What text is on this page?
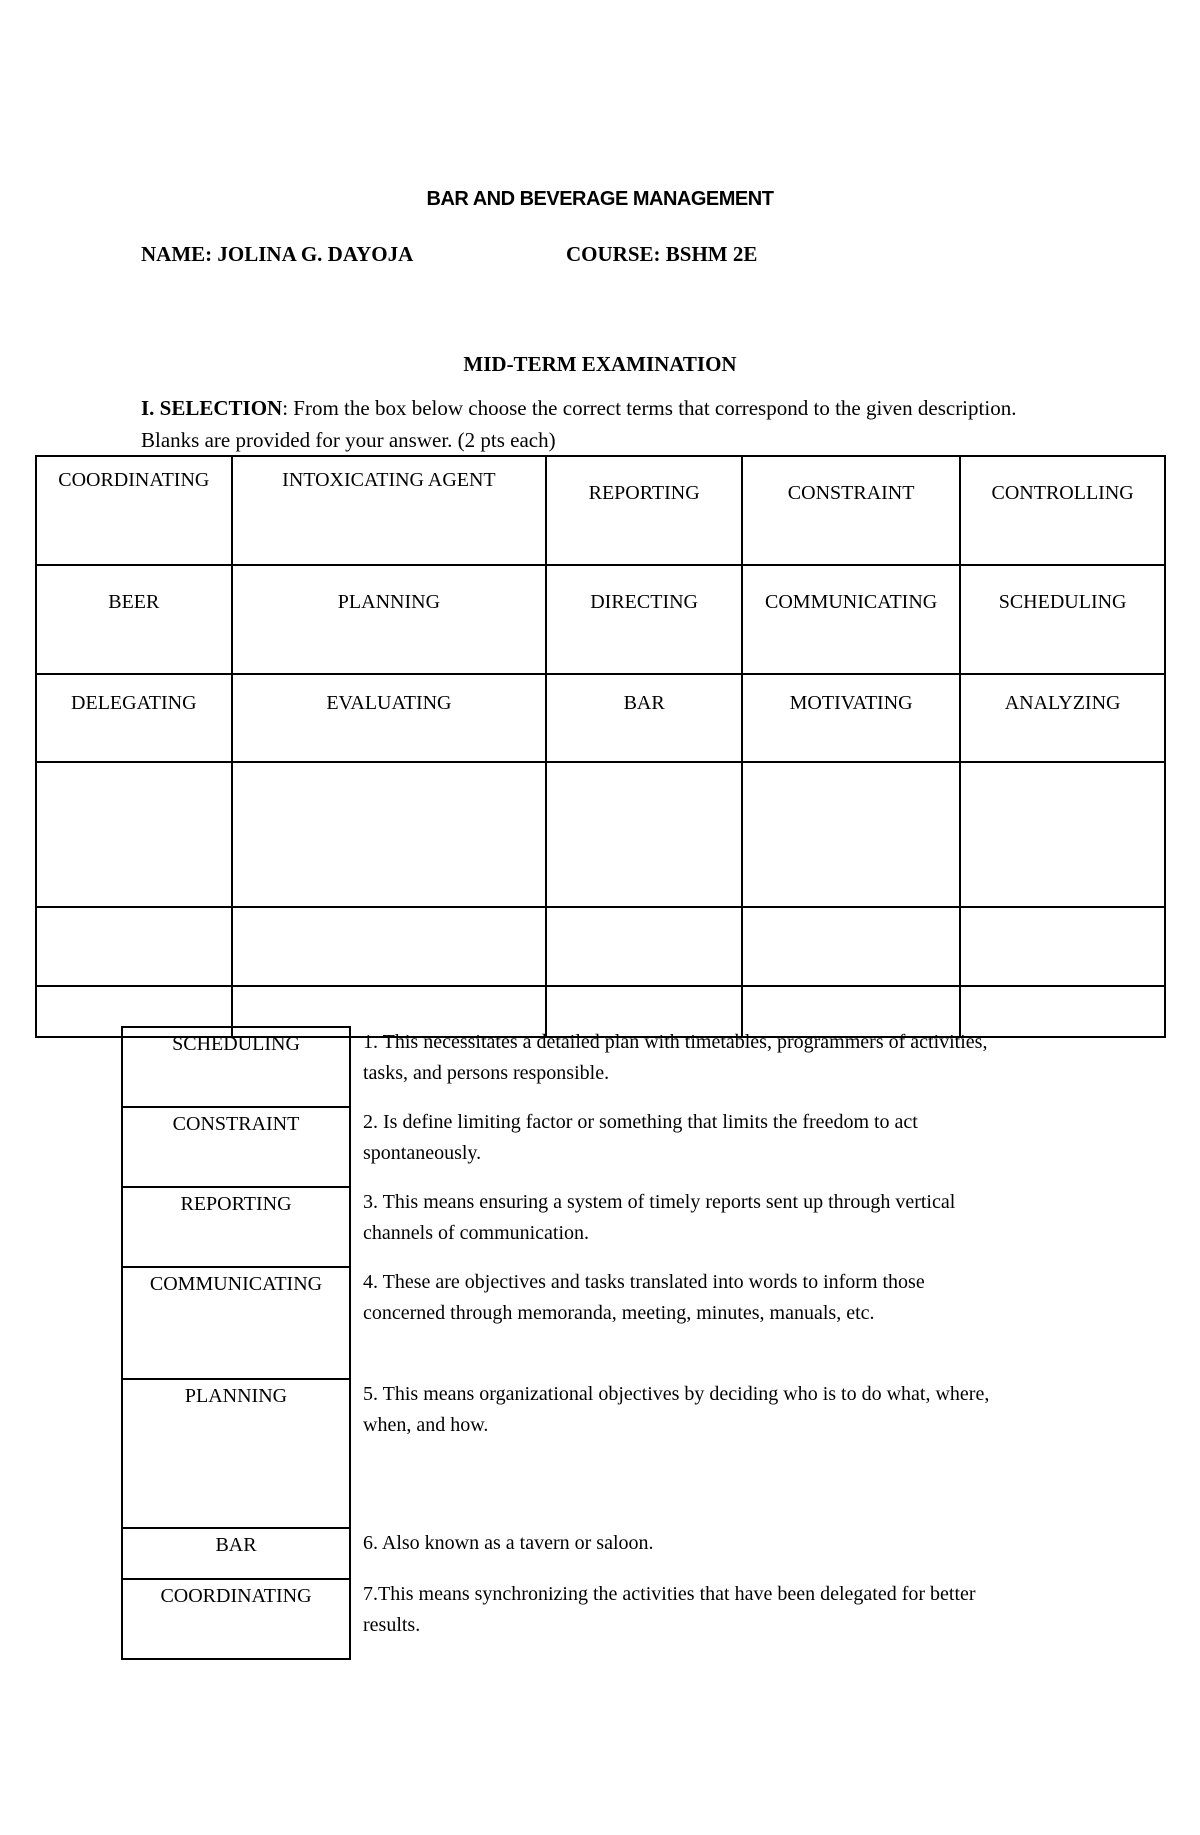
BAR AND BEVERAGE MANAGEMENT
NAME: JOLINA G. DAYOJA	COURSE: BSHM 2E
MID-TERM EXAMINATION
I. SELECTION: From the box below choose the correct terms that correspond to the given description. Blanks are provided for your answer. (2 pts each)
COORDINATING	INTOXICATING AGENT	REPORTING	CONSTRAINT	CONTROLLING
BEER	PLANNING	DIRECTING	COMMUNICATING	SCHEDULING
DELEGATING	EVALUATING	BAR	MOTIVATING	ANALYZING

SCHEDULING	1. This necessitates a detailed plan with timetables, programmers of activities, tasks, and persons responsible.
CONSTRAINT	2. Is define limiting factor or something that limits the freedom to act spontaneously.
REPORTING	3. This means ensuring a system of timely reports sent up through vertical channels of communication.
COMMUNICATING	4. These are objectives and tasks translated into words to inform those concerned through memoranda, meeting, minutes, manuals, etc.
PLANNING	5. This means organizational objectives by deciding who is to do what, where, when, and how.
BAR	6. Also known as a tavern or saloon.
COORDINATING	7.This means synchronizing the activities that have been delegated for better results.
